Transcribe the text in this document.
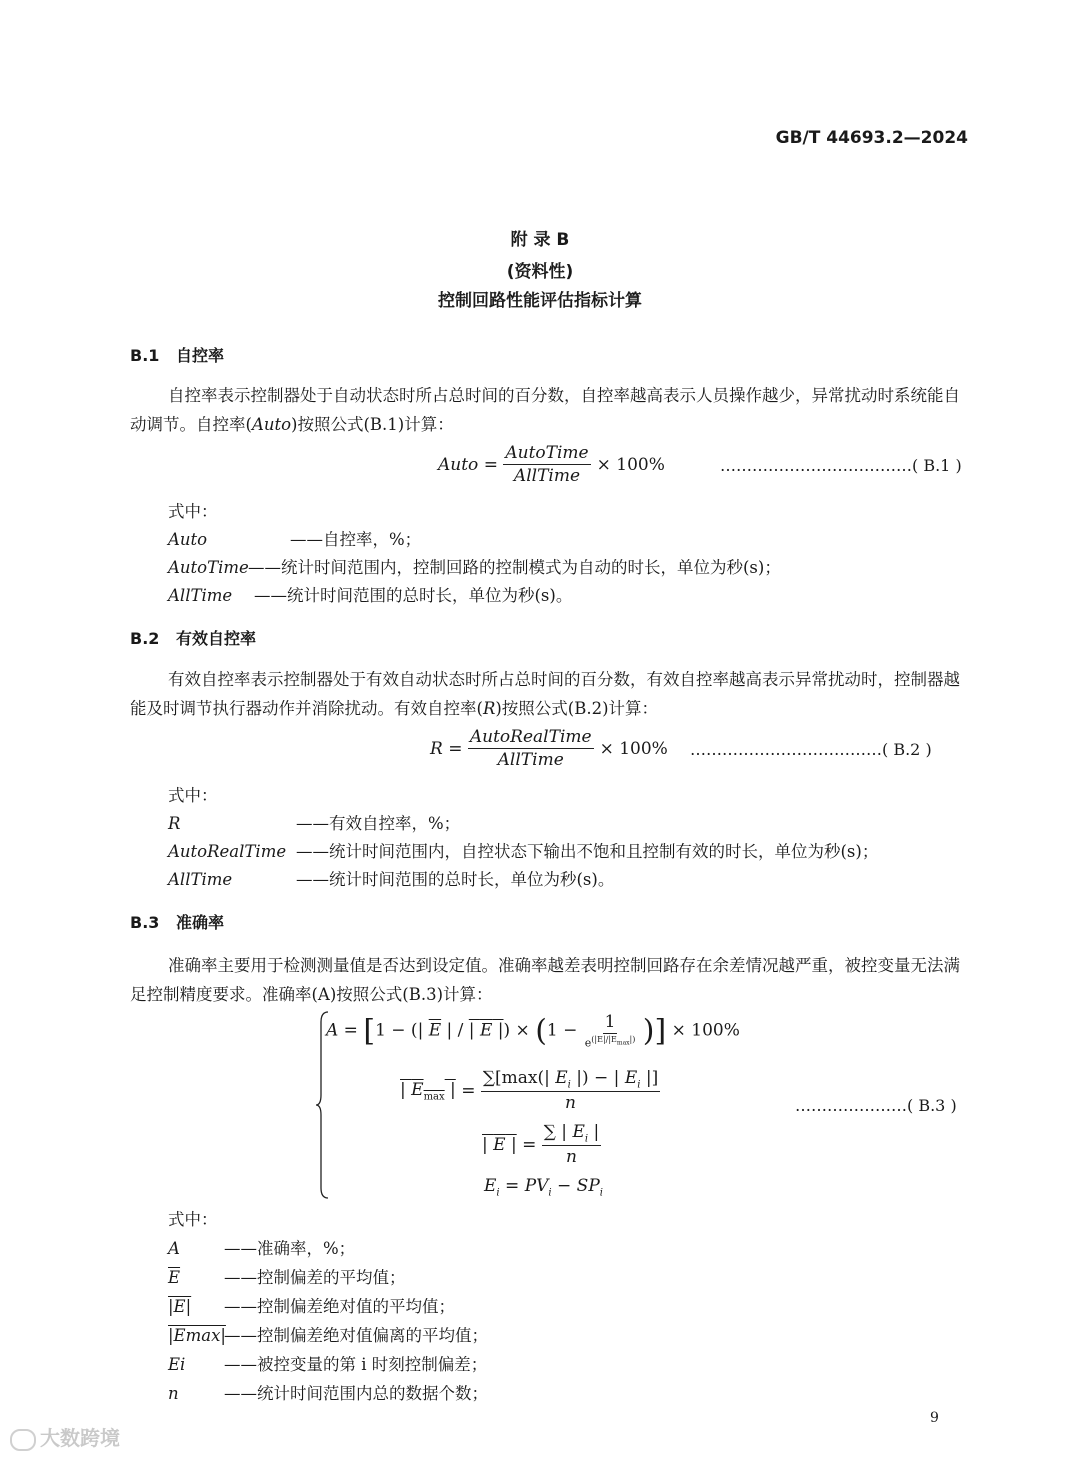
GB/T 44693.2—2024
附 录 B
(资料性)
控制回路性能评估指标计算
B.1 自控率
自控率表示控制器处于自动状态时所占总时间的百分数，自控率越高表示人员操作越少，异常扰动时系统能自动调节。自控率(Auto)按照公式(B.1)计算：
Auto = $\frac{\text{AutoTime}}{\text{AllTime}} \times 100\%$	………………………………( B.1 )
式中：
Auto	——自控率，%；
AutoTime——统计时间范围内，控制回路的控制模式为自动的时长，单位为秒(s)；
AllTime ——统计时间范围的总时长，单位为秒(s)。
B.2 有效自控率
有效自控率表示控制器处于有效自动状态时所占总时间的百分数，有效自控率越高表示异常扰动时，控制器越能及时调节执行器动作并消除扰动。有效自控率(R)按照公式(B.2)计算：
$R = \frac{\text{AutoRealTime}}{\text{AllTime}} \times 100\%$ ………………………………( B.2 )
式中：
R	——有效自控率，%；
AutoRealTime ——统计时间范围内，自控状态下输出不饱和且控制有效的时长，单位为秒(s)；
AllTime	——统计时间范围的总时长，单位为秒(s)。
B.3 准确率
准确率主要用于检测测量值是否达到设定值。准确率越差表明控制回路存在余差情况越严重，被控变量无法满足控制精度要求。准确率(A)按照公式(B.3)计算：
A = [1 − (| $\overline{E}$ | / | E |) × ($1 - \frac{1}{e^{(|E|/|E_{max}|)}}$ )] × 100%
| $E_{max}$ | = $\frac{\sum[\max(| E_i |) - | E_i |]}{n}$	…………………( B.3 )
| E | = $\frac{\sum | E_i |}{n}$
$E_i = PV_i - SP_i$
式中：
A	——准确率，%；
$\overline{E}$	——控制偏差的平均值；
|E| ——控制偏差绝对值的平均值；
|Emax|——控制偏差绝对值偏离的平均值；
Ei ——被控变量的第 i 时刻控制偏差；
n	——统计时间范围内总的数据个数；
9
大数跨境
